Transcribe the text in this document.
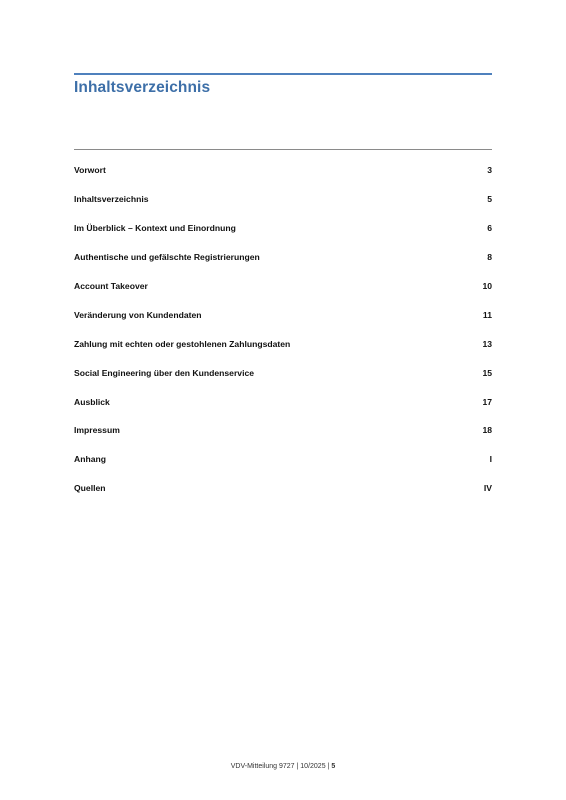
Inhaltsverzeichnis
Vorwort	3
Inhaltsverzeichnis	5
Im Überblick – Kontext und Einordnung	6
Authentische und gefälschte Registrierungen	8
Account Takeover	10
Veränderung von Kundendaten	11
Zahlung mit echten oder gestohlenen Zahlungsdaten	13
Social Engineering über den Kundenservice	15
Ausblick	17
Impressum	18
Anhang	I
Quellen	IV
VDV-Mitteilung 9727 | 10/2025 | 5
